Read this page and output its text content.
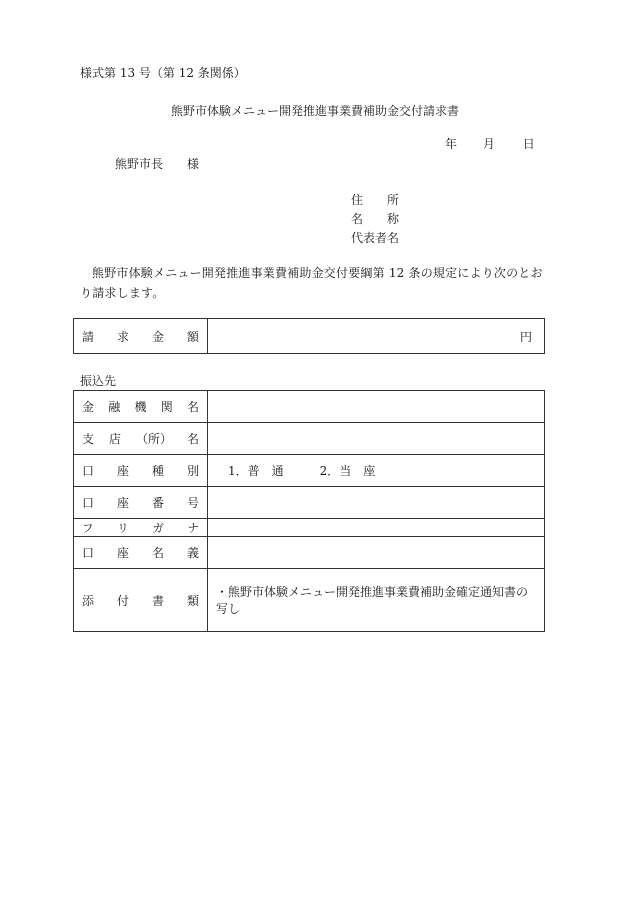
様式第 13 号（第 12 条関係）
熊野市体験メニュー開発推進事業費補助金交付請求書
年 月 日
熊野市長 様
住　　所
名　　称
代表者名
熊野市体験メニュー開発推進事業費補助金交付要綱第 12 条の規定により次のとおり請求します。
請 求 金 額	円
振込先
金 融 機 関 名	

支 店 （所） 名	

口 座 種 別	1．普　通 2．当　座

口 座 番 号	

フ リ ガ ナ	

口 座 名 義	

添 付 書 類	・熊野市体験メニュー開発推進事業費補助金確定通知書の写し
